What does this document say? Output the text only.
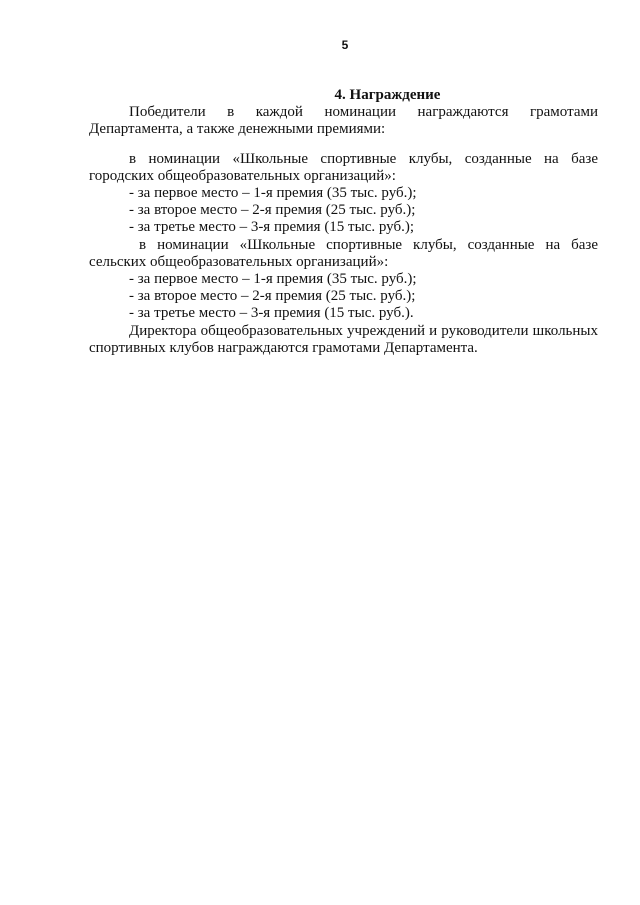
5

4. Награждение

Победители в каждой номинации награждаются грамотами Департамента, а также денежными премиями:

в номинации «Школьные спортивные клубы, созданные на базе городских общеобразовательных организаций»:

- за первое место – 1-я премия (35 тыс. руб.);

- за второе место – 2-я премия (25 тыс. руб.);

- за третье место – 3-я премия (15 тыс. руб.);

в номинации «Школьные спортивные клубы, созданные на базе сельских общеобразовательных организаций»:

- за первое место – 1-я премия (35 тыс. руб.);

- за второе место – 2-я премия (25 тыс. руб.);

- за третье место – 3-я премия (15 тыс. руб.).

Директора общеобразовательных учреждений и руководители школьных спортивных клубов награждаются грамотами Департамента.
